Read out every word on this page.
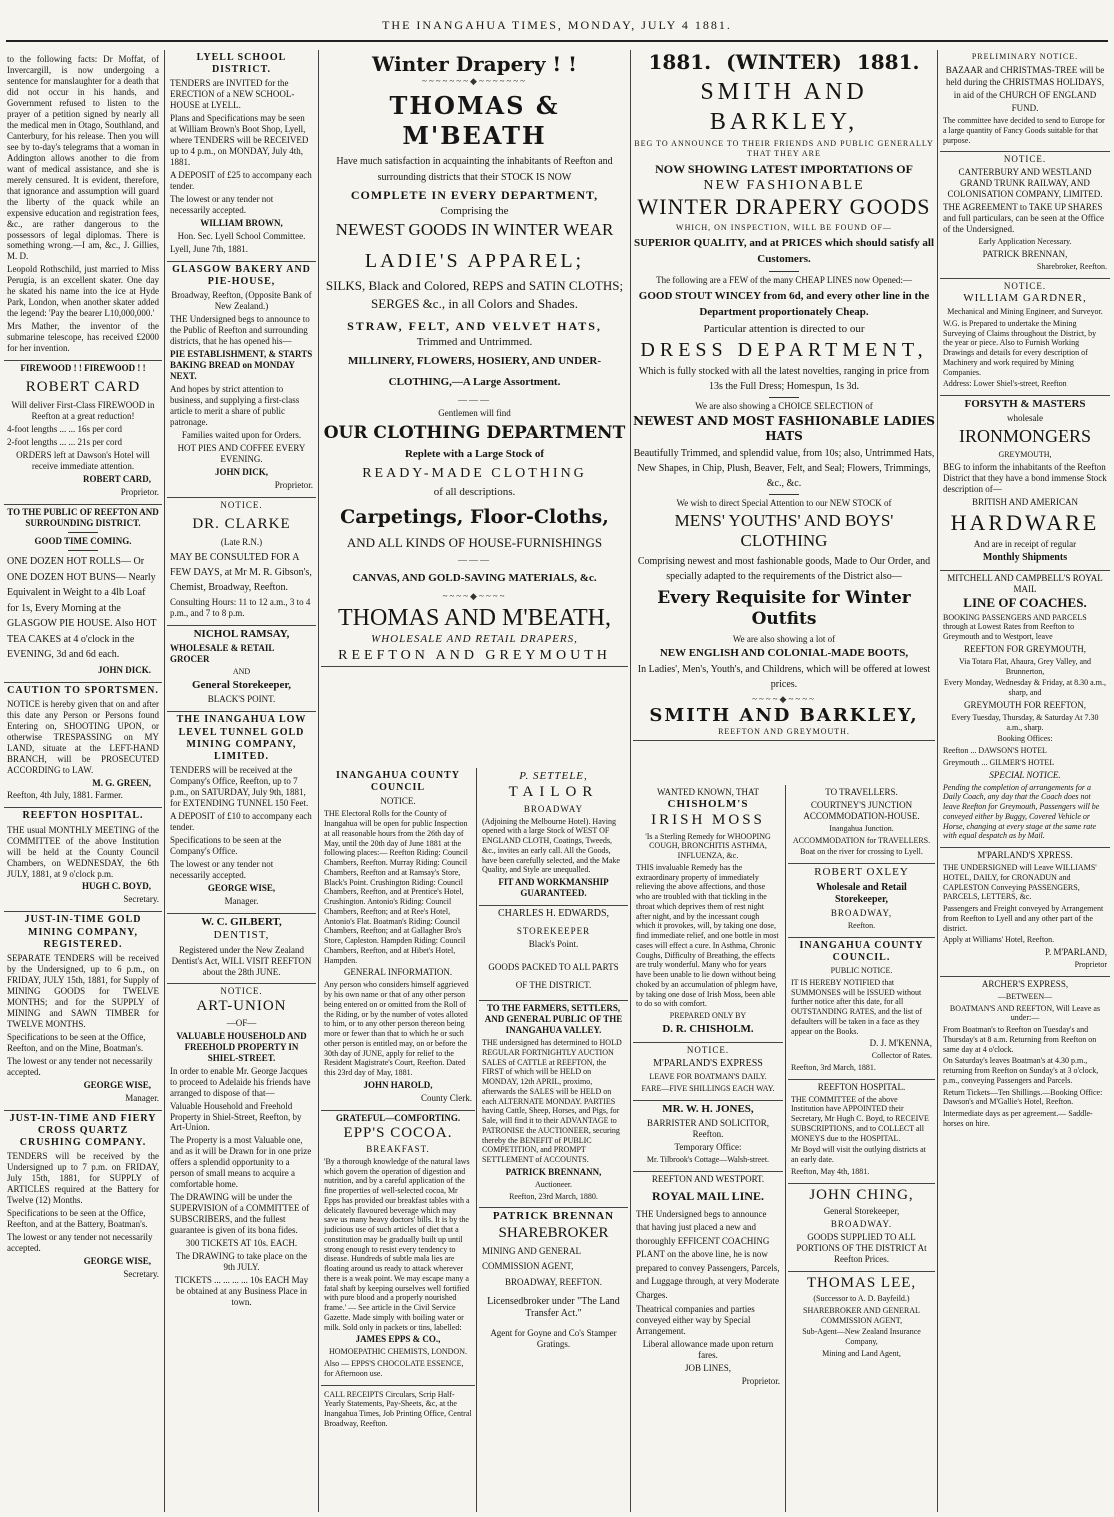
THE INANGAHUA TIMES, MONDAY, JULY 4 1881.

to the following facts: Dr Moffat, of Invercargill, is now undergoing a sentence for manslaughter for a death that did not occur in his hands, and Government refused to listen to the prayer of a petition signed by nearly all the medical men in Otago, Southland, and Canterbury, for his release. Then you will see by to-day's telegrams that a woman in Addington allows another to die from want of medical assistance, and she is merely censured. It is evident, therefore, that ignorance and assumption will guard the liberty of the quack while an expensive education and registration fees, &c., are rather dangerous to the possessors of legal diplomas. There is something wrong.—I am, &c., J. Gillies, M. D.

Leopold Rothschild, just married to Miss Perugia, is an excellent skater. One day he skated his name into the ice at Hyde Park, London, when another skater added the legend: 'Pay the bearer L10,000,000.'

Mrs Mather, the inventor of the submarine telescope, has received £2000 for her invention.

FIREWOOD ! ! FIREWOOD ! !
ROBERT CARD

Will deliver First-Class FIREWOOD in Reefton at a great reduction!

4-foot lengths ... ... 16s per cord

2-foot lengths ... ... 21s per cord

ORDERS left at Dawson's Hotel will receive immediate attention.

ROBERT CARD,

Proprietor.

TO THE PUBLIC OF REEFTON AND SURROUNDING DISTRICT.
GOOD TIME COMING.

ONE DOZEN HOT ROLLS— Or ONE DOZEN HOT BUNS— Nearly Equivalent in Weight to a 4lb Loaf for 1s, Every Morning at the GLASGOW PIE HOUSE. Also HOT TEA CAKES at 4 o'clock in the EVENING, 3d and 6d each.

JOHN DICK.

CAUTION TO SPORTSMEN.

NOTICE is hereby given that on and after this date any Person or Persons found Entering on, SHOOTING UPON, or otherwise TRESPASSING on MY LAND, situate at the LEFT-HAND BRANCH, will be PROSECUTED ACCORDING to LAW.

M. G. GREEN,

Reefton, 4th July, 1881. Farmer.

REEFTON HOSPITAL.

THE usual MONTHLY MEETING of the COMMITTEE of the above Institution will be held at the County Council Chambers, on WEDNESDAY, the 6th JULY, 1881, at 9 o'clock p.m.

HUGH C. BOYD,

Secretary.

JUST-IN-TIME GOLD MINING COMPANY, REGISTERED.

SEPARATE TENDERS will be received by the Undersigned, up to 6 p.m., on FRIDAY, JULY 15th, 1881, for Supply of MINING GOODS for TWELVE MONTHS; and for the SUPPLY of MINING and SAWN TIMBER for TWELVE MONTHS.

Specifications to be seen at the Office, Reefton, and on the Mine, Boatman's.

The lowest or any tender not necessarily accepted.

GEORGE WISE,

Manager.

JUST-IN-TIME AND FIERY CROSS QUARTZ CRUSHING COMPANY.

TENDERS will be received by the Undersigned up to 7 p.m. on FRIDAY, July 15th, 1881, for SUPPLY of ARTICLES required at the Battery for Twelve (12) Months.

Specifications to be seen at the Office, Reefton, and at the Battery, Boatman's.

The lowest or any tender not necessarily accepted.

GEORGE WISE,

Secretary.

LYELL SCHOOL DISTRICT.

TENDERS are INVITED for the ERECTION of a NEW SCHOOL-HOUSE at LYELL.

Plans and Specifications may be seen at William Brown's Boot Shop, Lyell, where TENDERS will be RECEIVED up to 4 p.m., on MONDAY, July 4th, 1881.

A DEPOSIT of £25 to accompany each tender.

The lowest or any tender not necessarily accepted.

WILLIAM BROWN,

Hon. Sec. Lyell School Committee.

Lyell, June 7th, 1881.

GLASGOW BAKERY AND PIE-HOUSE,

Broadway, Reefton, (Opposite Bank of New Zealand.)

THE Undersigned begs to announce to the Public of Reefton and surrounding districts, that he has opened his—

PIE ESTABLISHMENT, & STARTS BAKING BREAD on MONDAY NEXT.

And hopes by strict attention to business, and supplying a first-class article to merit a share of public patronage.

Families waited upon for Orders.

HOT PIES AND COFFEE EVERY EVENING.

JOHN DICK,

Proprietor.

NOTICE.
DR. CLARKE

(Late R.N.)

MAY BE CONSULTED FOR A FEW DAYS, at Mr M. R. Gibson's, Chemist, Broadway, Reefton.

Consulting Hours: 11 to 12 a.m., 3 to 4 p.m., and 7 to 8 p.m.

NICHOL RAMSAY,

WHOLESALE & RETAIL GROCER

AND

General Storekeeper,

BLACK'S POINT.

THE INANGAHUA LOW LEVEL TUNNEL GOLD MINING COMPANY, LIMITED.

TENDERS will be received at the Company's Office, Reefton, up to 7 p.m., on SATURDAY, July 9th, 1881, for EXTENDING TUNNEL 150 Feet.

A DEPOSIT of £10 to accompany each tender.

Specifications to be seen at the Company's Office.

The lowest or any tender not necessarily accepted.

GEORGE WISE,

Manager.

W. C. GILBERT,
DENTIST,

Registered under the New Zealand Dentist's Act, WILL VISIT REEFTON about the 28th JUNE.

NOTICE.
ART-UNION

—OF—

VALUABLE HOUSEHOLD AND FREEHOLD PROPERTY IN SHIEL-STREET.

In order to enable Mr. George Jacques to proceed to Adelaide his friends have arranged to dispose of that—

Valuable Household and Freehold Property in Shiel-Street, Reefton, by Art-Union.

The Property is a most Valuable one, and as it will be Drawn for in one prize offers a splendid opportunity to a person of small means to acquire a comfortable home.

The DRAWING will be under the SUPERVISION of a COMMITTEE of SUBSCRIBERS, and the fullest guarantee is given of its bona fides.

300 TICKETS AT 10s. EACH.

The DRAWING to take place on the 9th JULY.

TICKETS ... ... ... ... 10s EACH May be obtained at any Business Place in town.

Winter Drapery ! !
~~~~~~~◆~~~~~~~
THOMAS & M'BEATH

Have much satisfaction in acquainting the inhabitants of Reefton and surrounding districts that their STOCK IS NOW

COMPLETE IN EVERY DEPARTMENT,

Comprising the

NEWEST GOODS IN WINTER WEAR
LADIE'S APPAREL;

SILKS, Black and Colored, REPS and SATIN CLOTHS; SERGES &c., in all Colors and Shades.

STRAW, FELT, AND VELVET HATS,

Trimmed and Untrimmed.

MILLINERY, FLOWERS, HOSIERY, AND UNDER-CLOTHING,—A Large Assortment.

———

Gentlemen will find

OUR CLOTHING DEPARTMENT

Replete with a Large Stock of

READY-MADE CLOTHING

of all descriptions.

Carpetings, Floor-Cloths,
AND ALL KINDS OF HOUSE-FURNISHINGS
———
CANVAS, AND GOLD-SAVING MATERIALS, &c.
~~~~◆~~~~
THOMAS AND M'BEATH,
WHOLESALE AND RETAIL DRAPERS,
REEFTON AND GREYMOUTH
INANGAHUA COUNTY COUNCIL

NOTICE.

THE Electoral Rolls for the County of Inangahua will be open for public Inspection at all reasonable hours from the 26th day of May, until the 20th day of June 1881 at the following places:— Reefton Riding: Council Chambers, Reefton. Murray Riding: Council Chambers, Reefton and at Ramsay's Store, Black's Point. Crushington Riding: Council Chambers, Reefton, and at Prentice's Hotel, Crushington. Antonio's Riding: Council Chambers, Reefton; and at Ree's Hotel, Antonio's Flat. Boatman's Riding: Council Chambers, Reefton; and at Gallagher Bro's Store, Capleston. Hampden Riding: Council Chambers, Reefton, and at Hibet's Hotel, Hampden.

GENERAL INFORMATION.

Any person who considers himself aggrieved by his own name or that of any other person being entered on or omitted from the Roll of the Riding, or by the number of votes alloted to him, or to any other person thereon being more or fewer than that to which he or such other person is entitled may, on or before the 30th day of JUNE, apply for relief to the Resident Magistrate's Court, Reefton. Dated this 23rd day of May, 1881.

JOHN HAROLD,

County Clerk.

GRATEFUL—COMFORTING.
EPP'S COCOA.

BREAKFAST.

'By a thorough knowledge of the natural laws which govern the operation of digestion and nutrition, and by a careful application of the fine properties of well-selected cocoa, Mr Epps has provided our breakfast tables with a delicately flavoured beverage which may save us many heavy doctors' bills. It is by the judicious use of such articles of diet that a constitution may be gradually built up until strong enough to resist every tendency to disease. Hundreds of subtle mala lies are floating around us ready to attack wherever there is a weak point. We may escape many a fatal shaft by keeping ourselves well fortified with pure blood and a properly nourished frame.' — See article in the Civil Service Gazette. Made simply with boiling water or milk. Sold only in packets or tins, labelled:

JAMES EPPS & CO.,

HOMOEPATHIC CHEMISTS, LONDON.

Also — EPPS'S CHOCOLATE ESSENCE, for Afternoon use.

CALL RECEIPTS Circulars, Scrip Half-Yearly Statements, Pay-Sheets, &c, at the Inangahua Times, Job Printing Office, Central Broadway, Reefton.

P. SETTELE,
TAILOR

BROADWAY

(Adjoining the Melbourne Hotel). Having opened with a large Stock of WEST OF ENGLAND CLOTH, Coatings, Tweeds, &c., invites an early call. All the Goods, have been carefully selected, and the Make Quality, and Style are unequalled.

FIT AND WORKMANSHIP GUARANTEED.

CHARLES H. EDWARDS,

STOREKEEPER

Black's Point.

GOODS PACKED TO ALL PARTS OF THE DISTRICT.

TO THE FARMERS, SETTLERS, AND GENERAL PUBLIC OF THE INANGAHUA VALLEY.

THE undersigned has determined to HOLD REGULAR FORTNIGHTLY AUCTION SALES of CATTLE at REEFTON, the FIRST of which will be HELD on MONDAY, 12th APRIL, proximo, afterwards the SALES will be HELD on each ALTERNATE MONDAY. PARTIES having Cattle, Sheep, Horses, and Pigs, for Sale, will find it to their ADVANTAGE to PATRONISE the AUCTIONEER, securing thereby the BENEFIT of PUBLIC COMPETITION, and PROMPT SETTLEMENT of ACCOUNTS.

PATRICK BRENNANN,

Auctioneer.

Reefton, 23rd March, 1880.

PATRICK BRENNAN
SHAREBROKER

MINING AND GENERAL COMMISSION AGENT,

BROADWAY, REEFTON.

Licensedbroker under "The Land Transfer Act."

Agent for Goyne and Co's Stamper Gratings.

1881. (WINTER) 1881.
SMITH AND BARKLEY,

BEG TO ANNOUNCE TO THEIR FRIENDS AND PUBLIC GENERALLY THAT THEY ARE

NOW SHOWING LATEST IMPORTATIONS OF
NEW FASHIONABLE
WINTER DRAPERY GOODS

WHICH, ON INSPECTION, WILL BE FOUND OF—

SUPERIOR QUALITY, and at PRICES which should satisfy all Customers.

The following are a FEW of the many CHEAP LINES now Opened:—

GOOD STOUT WINCEY from 6d, and every other line in the Department proportionately Cheap.

Particular attention is directed to our

DRESS DEPARTMENT,

Which is fully stocked with all the latest novelties, ranging in price from 13s the Full Dress; Homespun, 1s 3d.

We are also showing a CHOICE SELECTION of

NEWEST AND MOST FASHIONABLE LADIES HATS

Beautifully Trimmed, and splendid value, from 10s; also, Untrimmed Hats, New Shapes, in Chip, Plush, Beaver, Felt, and Seal; Flowers, Trimmings, &c., &c.

We wish to direct Special Attention to our NEW STOCK of

MENS' YOUTHS' AND BOYS' CLOTHING

Comprising newest and most fashionable goods, Made to Our Order, and specially adapted to the requirements of the District also—

Every Requisite for Winter Outfits

We are also showing a lot of

NEW ENGLISH AND COLONIAL-MADE BOOTS,

In Ladies', Men's, Youth's, and Childrens, which will be offered at lowest prices.

~~~~◆~~~~
SMITH AND BARKLEY,
REEFTON AND GREYMOUTH.
WANTED KNOWN, THAT
CHISHOLM'S
IRISH MOSS

'Is a Sterling Remedy for WHOOPING COUGH, BRONCHITIS ASTHMA, INFLUENZA, &c.

THIS invaluable Remedy has the extraordinary property of immediately relieving the above affections, and those who are troubled with that tickling in the throat which deprives them of rest night after night, and by the incessant cough which it provokes, will, by taking one dose, find immediate relief, and one bottle in most cases will effect a cure. In Asthma, Chronic Coughs, Difficulty of Breathing, the effects are truly wonderful. Many who for years have been unable to lie down without being choked by an accumulation of phlegm have, by taking one dose of Irish Moss, been able to do so with comfort.

PREPARED ONLY BY

D. R. CHISHOLM.

NOTICE.

M'PARLAND'S EXPRESS

LEAVE FOR BOATMAN'S DAILY.

FARE—FIVE SHILLINGS EACH WAY.

MR. W. H. JONES,

BARRISTER AND SOLICITOR, Reefton.

Temporary Office:

Mr. Tilbrook's Cottage—Walsh-street.

REEFTON AND WESTPORT.
ROYAL MAIL LINE.

THE Undersigned begs to announce that having just placed a new and thoroughly EFFICENT COACHING PLANT on the above line, he is now prepared to convey Passengers, Parcels, and Luggage through, at very Moderate Charges.

Theatrical companies and parties conveyed either way by Special Arrangement.

Liberal allowance made upon return fares.

JOB LINES,

Proprietor.

TO TRAVELLERS.

COURTNEY'S JUNCTION ACCOMMODATION-HOUSE.

Inangahua Junction.

ACCOMMODATION for TRAVELLERS.

Boat on the river for crossing to Lyell.

ROBERT OXLEY

Wholesale and Retail Storekeeper,

BROADWAY,

Reefton.

INANGAHUA COUNTY COUNCIL.

PUBLIC NOTICE.

IT IS HEREBY NOTIFIED that SUMMONSES will be ISSUED without further notice after this date, for all OUTSTANDING RATES, and the list of defaulters will be taken in a face as they appear on the Books.

D. J. M'KENNA,

Collector of Rates.

Reefton, 3rd March, 1881.

REEFTON HOSPITAL.

THE COMMITTEE of the above Institution have APPOINTED their Secretary, Mr Hugh C. Boyd, to RECEIVE SUBSCRIPTIONS, and to COLLECT all MONEYS due to the HOSPITAL.

Mr Boyd will visit the outlying districts at an early date.

Reefton, May 4th, 1881.

JOHN CHING,

General Storekeeper,

BROADWAY.

GOODS SUPPLIED TO ALL PORTIONS OF THE DISTRICT At Reefton Prices.

THOMAS LEE,

(Successor to A. D. Bayfeild.)

SHAREBROKER AND GENERAL COMMISSION AGENT,

Sub-Agent—New Zealand Insurance Company,

Mining and Land Agent,

PRELIMINARY NOTICE.

BAZAAR and CHRISTMAS-TREE will be held during the CHRISTMAS HOLIDAYS, in aid of the CHURCH OF ENGLAND FUND.

The committee have decided to send to Europe for a large quantity of Fancy Goods suitable for that purpose.

NOTICE.

CANTERBURY AND WESTLAND GRAND TRUNK RAILWAY, AND COLONISATION COMPANY, LIMITED.

THE AGREEMENT to TAKE UP SHARES and full particulars, can be seen at the Office of the Undersigned.

Early Application Necessary.

PATRICK BRENNAN,

Sharebroker, Reefton.

NOTICE.
WILLIAM GARDNER,

Mechanical and Mining Engineer, and Surveyor.

W.G. is Prepared to undertake the Mining Surveying of Claims throughout the District, by the year or piece. Also to Furnish Working Drawings and details for every description of Machinery and work required by Mining Companies.

Address: Lower Shiel's-street, Reefton

FORSYTH & MASTERS

wholesale

IRONMONGERS

GREYMOUTH,

BEG to inform the inhabitants of the Reefton District that they have a bond immense Stock description of—

BRITISH AND AMERICAN

HARDWARE

And are in receipt of regular

Monthly Shipments

MITCHELL AND CAMPBELL'S ROYAL MAIL
LINE OF COACHES.

BOOKING PASSENGERS AND PARCELS through at Lowest Rates from Reefton to Greymouth and to Westport, leave

REEFTON FOR GREYMOUTH,

Via Totara Flat, Ahaura, Grey Valley, and Brunnerton,

Every Monday, Wednesday & Friday, at 8.30 a.m., sharp, and

GREYMOUTH FOR REEFTON,

Every Tuesday, Thursday, & Saturday At 7.30 a.m., sharp.

Booking Offices:

Reefton ... DAWSON'S HOTEL

Greymouth ... GILMER'S HOTEL

SPECIAL NOTICE.

Pending the completion of arrangements for a Daily Coach, any day that the Coach does not leave Reefton for Greymouth, Passengers will be conveyed either by Buggy, Covered Vehicle or Horse, changing at every stage at the same rate with equal despatch as by Mail.

M'PARLAND'S XPRESS.

THE UNDERSIGNED will Leave WILLIAMS' HOTEL, DAILY, for CRONADUN and CAPLESTON Conveying PASSENGERS, PARCELS, LETTERS, &c.

Passengers and Freight conveyed by Arrangement from Reefton to Lyell and any other part of the district.

Apply at Williams' Hotel, Reefton.

P. M'PARLAND,

Proprietor

ARCHER'S EXPRESS,

—BETWEEN—

BOATMAN'S AND REEFTON, Will Leave as under:—

From Boatman's to Reefton on Tuesday's and Thursday's at 8 a.m. Returning from Reefton on same day at 4 o'clock.

On Saturday's leaves Boatman's at 4.30 p.m., returning from Reefton on Sunday's at 3 o'clock, p.m., conveying Passengers and Parcels.

Return Tickets—Ten Shillings.—Booking Office: Dawson's and M'Gallie's Hotel, Reefton.

Intermediate days as per agreement.— Saddle-horses on hire.
